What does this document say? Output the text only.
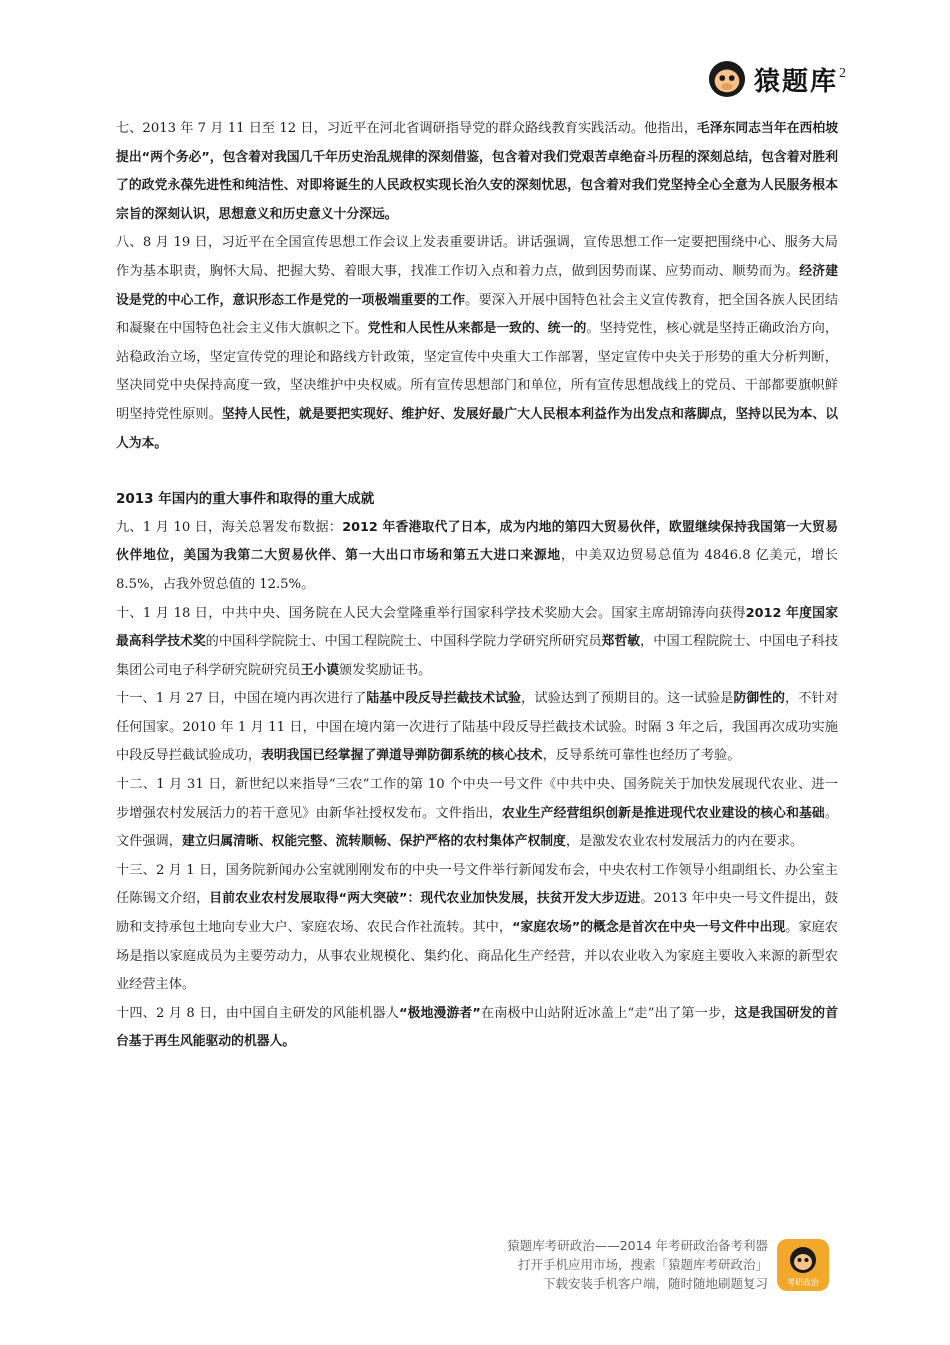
猿题库 2

七、2013 年 7 月 11 日至 12 日，习近平在河北省调研指导党的群众路线教育实践活动。他指出，毛泽东同志当年在西柏坡提出“两个务必”，包含着对我国几千年历史治乱规律的深刻借鉴，包含着对我们党艰苦卓绝奋斗历程的深刻总结，包含着对胜利了的政党永葆先进性和纯洁性、对即将诞生的人民政权实现长治久安的深刻忧思，包含着对我们党坚持全心全意为人民服务根本宗旨的深刻认识，思想意义和历史意义十分深远。

八、8 月 19 日，习近平在全国宣传思想工作会议上发表重要讲话。讲话强调，宣传思想工作一定要把围绕中心、服务大局作为基本职责，胸怀大局、把握大势、着眼大事，找准工作切入点和着力点，做到因势而谋、应势而动、顺势而为。经济建设是党的中心工作，意识形态工作是党的一项极端重要的工作。要深入开展中国特色社会主义宣传教育，把全国各族人民团结和凝聚在中国特色社会主义伟大旗帜之下。党性和人民性从来都是一致的、统一的。坚持党性，核心就是坚持正确政治方向，站稳政治立场，坚定宣传党的理论和路线方针政策，坚定宣传中央重大工作部署，坚定宣传中央关于形势的重大分析判断，坚决同党中央保持高度一致，坚决维护中央权威。所有宣传思想部门和单位，所有宣传思想战线上的党员、干部都要旗帜鲜明坚持党性原则。坚持人民性，就是要把实现好、维护好、发展好最广大人民根本利益作为出发点和落脚点，坚持以民为本、以人为本。

2013 年国内的重大事件和取得的重大成就

九、1 月 10 日，海关总署发布数据：2012 年香港取代了日本，成为内地的第四大贸易伙伴，欧盟继续保持我国第一大贸易伙伴地位，美国为我第二大贸易伙伴、第一大出口市场和第五大进口来源地，中美双边贸易总值为 4846.8 亿美元，增长 8.5%，占我外贸总值的 12.5%。

十、1 月 18 日，中共中央、国务院在人民大会堂隆重举行国家科学技术奖励大会。国家主席胡锦涛向获得2012 年度国家最高科学技术奖的中国科学院院士、中国工程院院士、中国科学院力学研究所研究员郑哲敏，中国工程院院士、中国电子科技集团公司电子科学研究院研究员王小谟颁发奖励证书。

十一、1 月 27 日，中国在境内再次进行了陆基中段反导拦截技术试验，试验达到了预期目的。这一试验是防御性的，不针对任何国家。2010 年 1 月 11 日，中国在境内第一次进行了陆基中段反导拦截技术试验。时隔 3 年之后，我国再次成功实施中段反导拦截试验成功，表明我国已经掌握了弹道导弹防御系统的核心技术，反导系统可靠性也经历了考验。

十二、1 月 31 日，新世纪以来指导“三农”工作的第 10 个中央一号文件《中共中央、国务院关于加快发展现代农业、进一步增强农村发展活力的若干意见》由新华社授权发布。文件指出，农业生产经营组织创新是推进现代农业建设的核心和基础。文件强调，建立归属清晰、权能完整、流转顺畅、保护严格的农村集体产权制度，是激发农业农村发展活力的内在要求。

十三、2 月 1 日，国务院新闻办公室就刚刚发布的中央一号文件举行新闻发布会，中央农村工作领导小组副组长、办公室主任陈锡文介绍，目前农业农村发展取得“两大突破”：现代农业加快发展，扶贫开发大步迈进。2013 年中央一号文件提出，鼓励和支持承包土地向专业大户、家庭农场、农民合作社流转。其中，“家庭农场”的概念是首次在中央一号文件中出现。家庭农场是指以家庭成员为主要劳动力，从事农业规模化、集约化、商品化生产经营，并以农业收入为家庭主要收入来源的新型农业经营主体。

十四、2 月 8 日，由中国自主研发的风能机器人“极地漫游者”在南极中山站附近冰盖上“走”出了第一步，这是我国研发的首台基于再生风能驱动的机器人。

猿题库考研政治——2014 年考研政治备考利器
打开手机应用市场，搜索「猿题库考研政治」
下载安装手机客户端，随时随地刷题复习 考研政治
